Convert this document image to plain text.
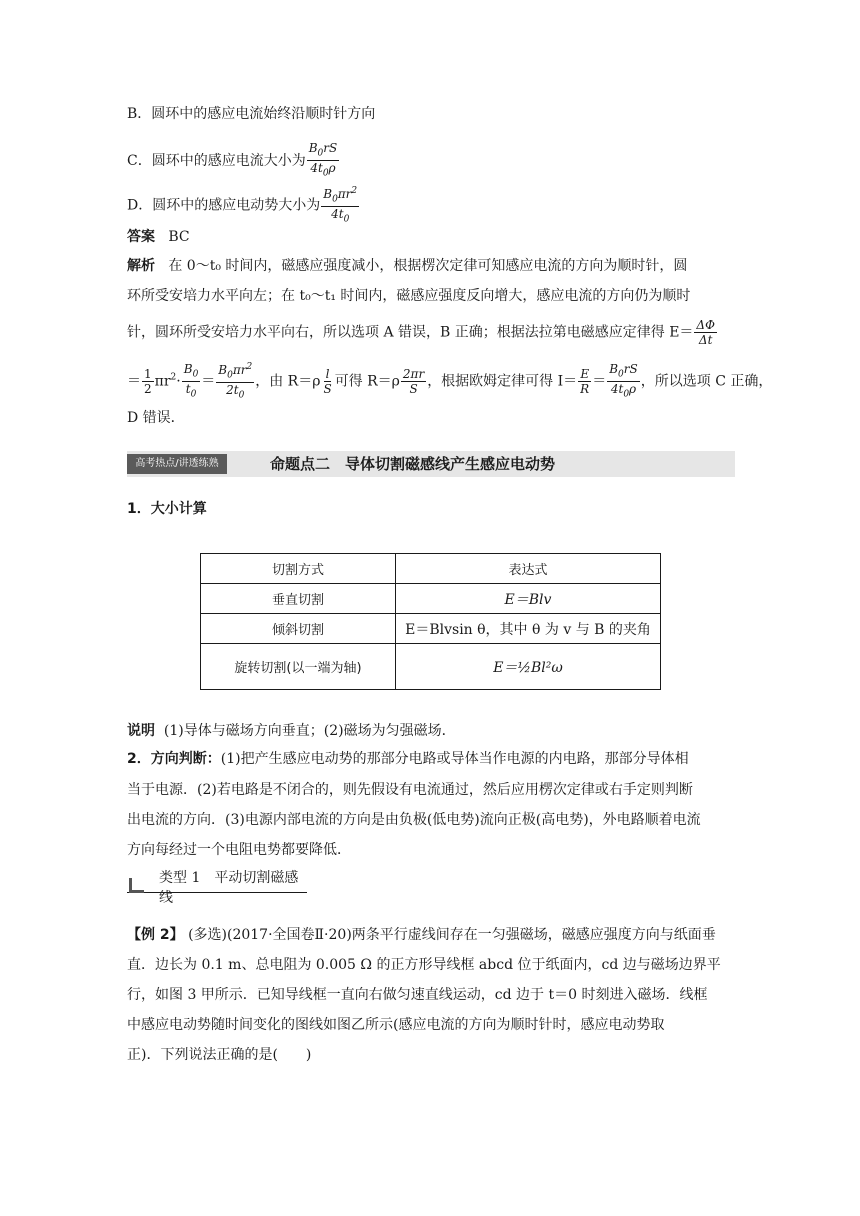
B．圆环中的感应电流始终沿顺时针方向
C．圆环中的感应电流大小为 $\frac{B_0rS}{4t_0\rho}$
D．圆环中的感应电动势大小为 $\frac{B_0\pi r^2}{4t_0}$
答案 BC
解析 在 0～t₀ 时间内，磁感应强度减小，根据楞次定律可知感应电流的方向为顺时针，圆
环所受安培力水平向左；在 t₀～t₁ 时间内，磁感应强度反向增大，感应电流的方向仍为顺时
针，圆环所受安培力水平向右，所以选项 A 错误，B 正确；根据法拉第电磁感应定律得 $E= \frac{\Delta\Phi}{\Delta t}$
＝ $\frac{1}{2} \pi r^2\cdot \frac{B_0}{t_0} = \frac{B_0\pi r^2}{2t_0}$ ，由 $R=\rho \frac{l}{S}$ 可得 $R=\rho \frac{2\pi r}{S}$ ，根据欧姆定律可得 $I= \frac{E}{R} = \frac{B_0rS}{4t_0\rho}$ ，所以选项 C 正确，
D 错误．
高考热点/讲透练熟	命题点二　导体切割磁感线产生感应电动势
1．大小计算
切割方式	表达式
垂直切割	E＝Blv
倾斜切割	E＝Blvsin θ，其中 θ 为 v 与 B 的夹角
旋转切割(以一端为轴)	E＝½Bl²ω
说明 (1)导体与磁场方向垂直；(2)磁场为匀强磁场．
2．方向判断：(1)把产生感应电动势的那部分电路或导体当作电源的内电路，那部分导体相
当于电源．(2)若电路是不闭合的，则先假设有电流通过，然后应用楞次定律或右手定则判断
出电流的方向．(3)电源内部电流的方向是由负极(低电势)流向正极(高电势)，外电路顺着电流
方向每经过一个电阻电势都要降低．
类型 1　平动切割磁感线
【例 2】 (多选)(2017·全国卷Ⅱ·20)两条平行虚线间存在一匀强磁场，磁感应强度方向与纸面垂
直．边长为 0.1 m、总电阻为 0.005 Ω 的正方形导线框 abcd 位于纸面内，cd 边与磁场边界平
行，如图 3 甲所示．已知导线框一直向右做匀速直线运动，cd 边于 t＝0 时刻进入磁场．线框
中感应电动势随时间变化的图线如图乙所示(感应电流的方向为顺时针时，感应电动势取
正)．下列说法正确的是(　　)
